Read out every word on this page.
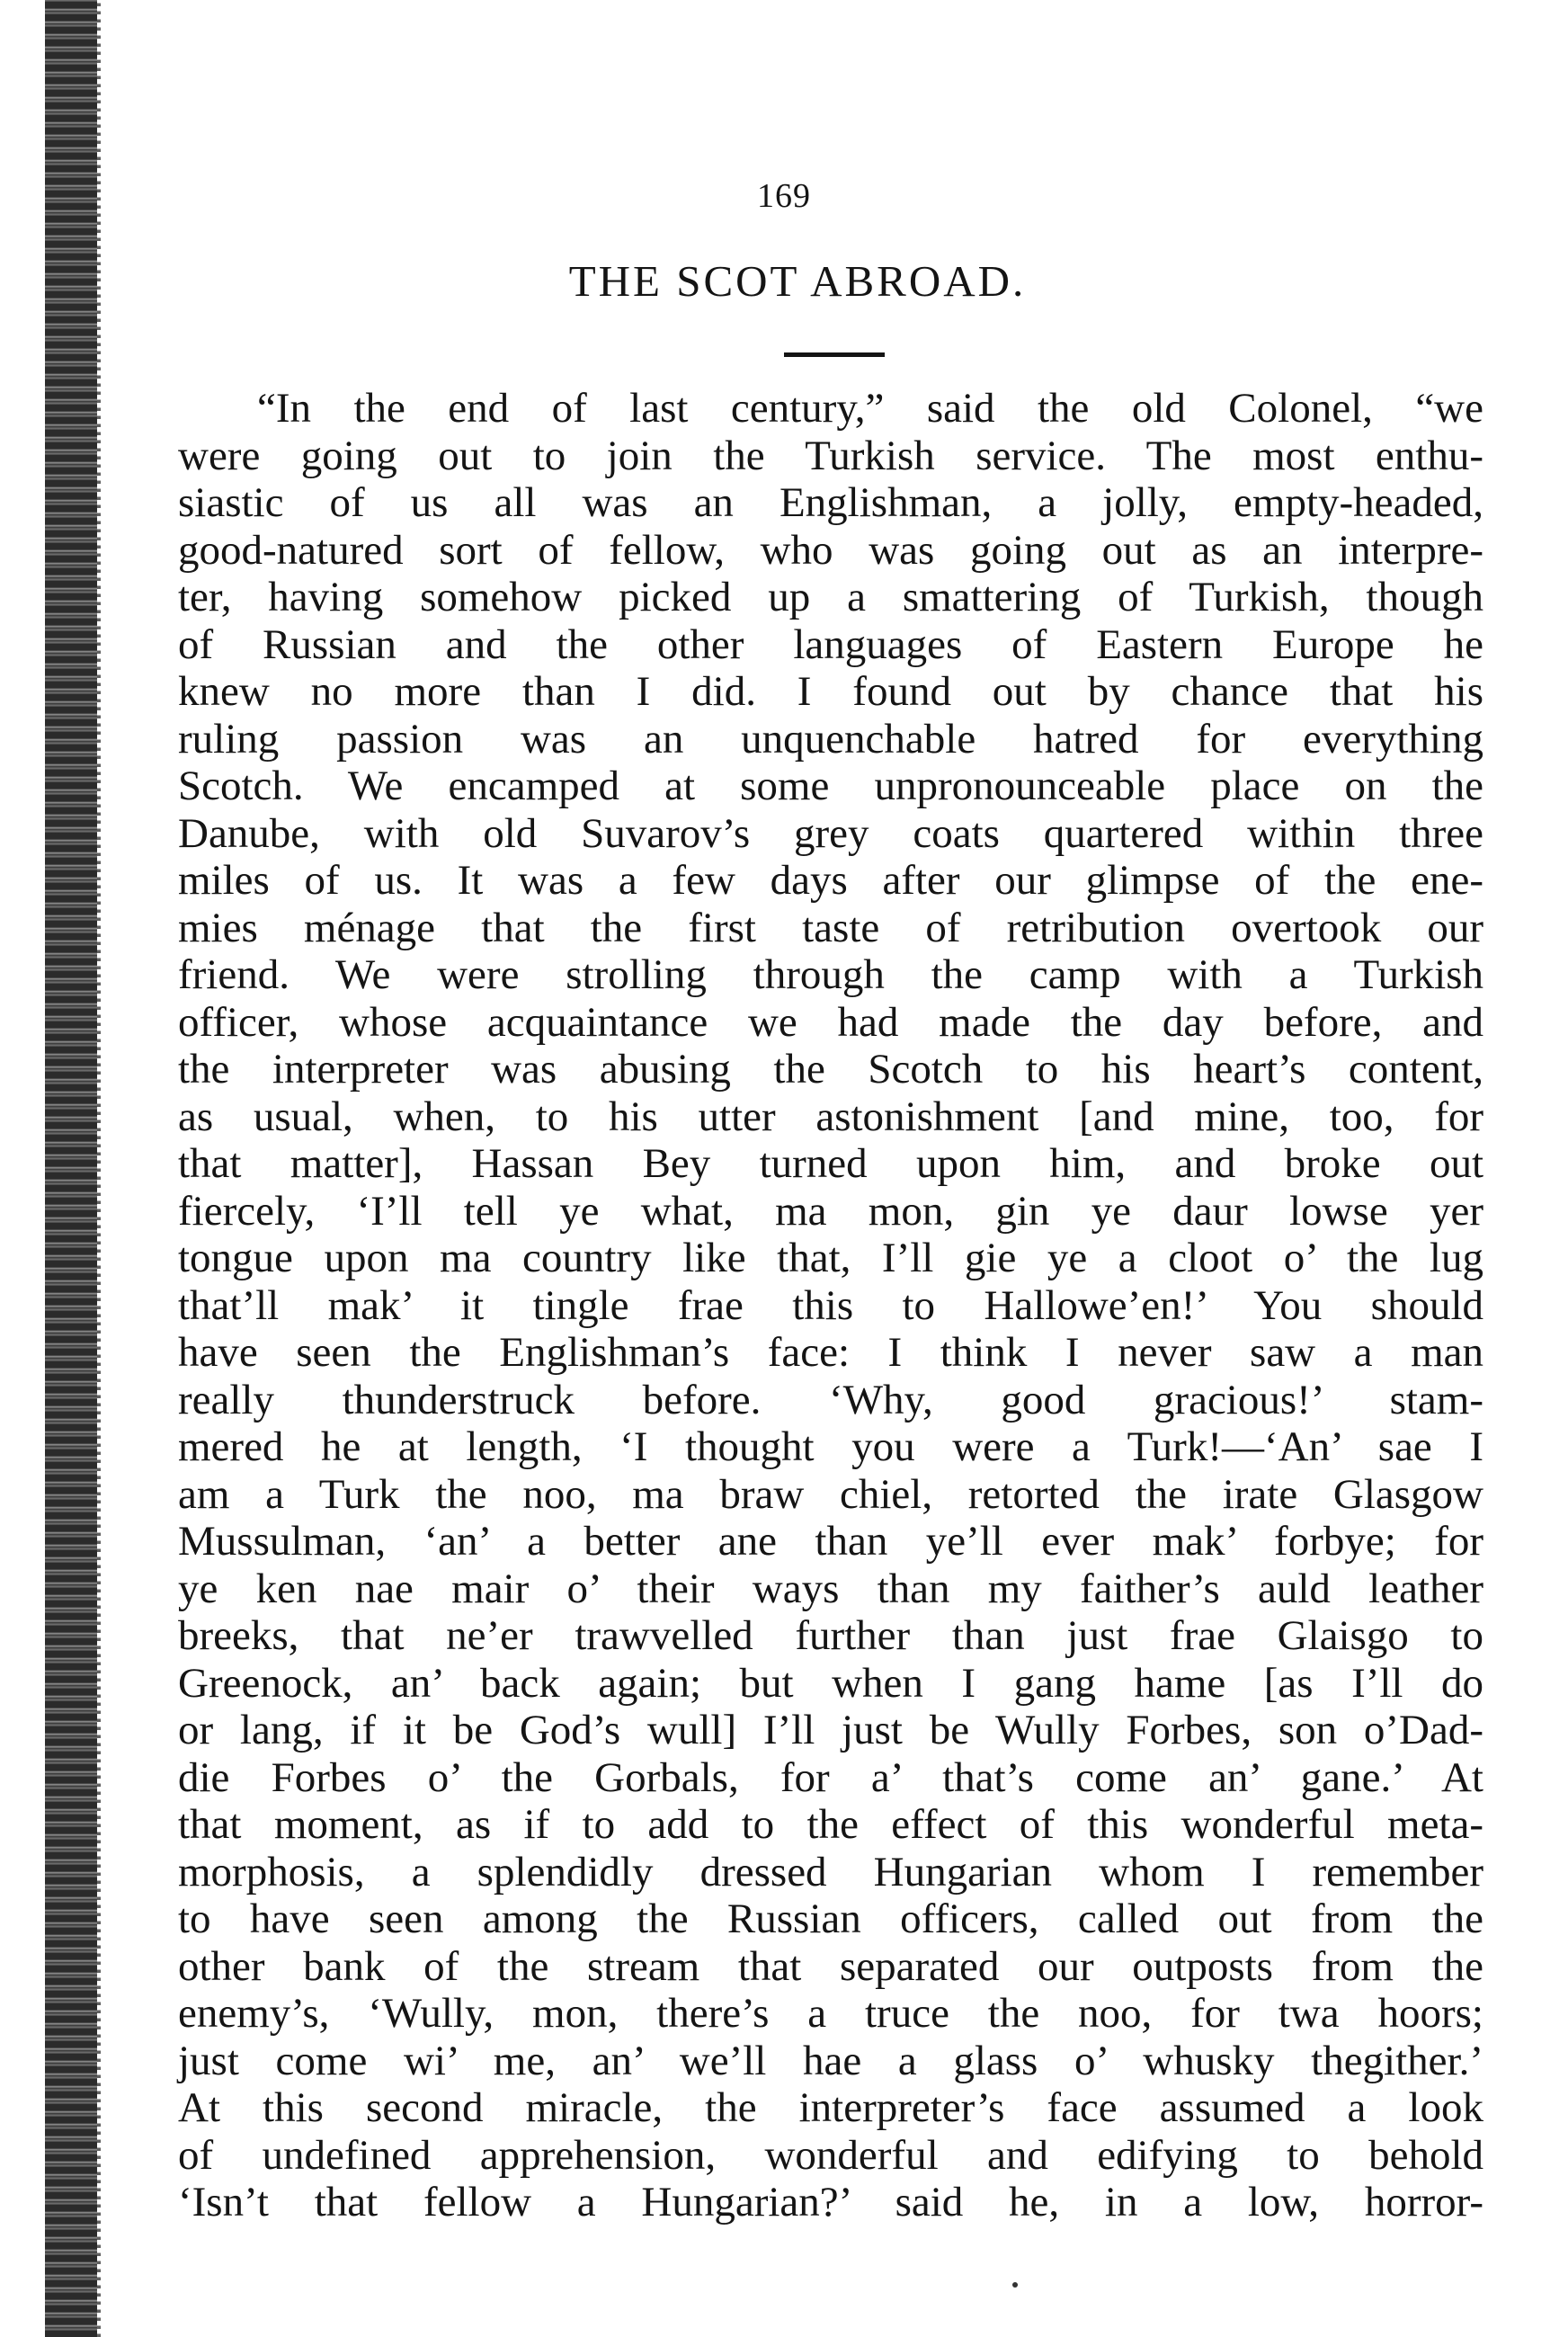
169
THE SCOT ABROAD.
“In the end of last century,” said the old Colonel, “we
were going out to join the Turkish service. The most enthu-
siastic of us all was an Englishman, a jolly, empty-headed,
good-natured sort of fellow, who was going out as an interpre-
ter, having somehow picked up a smattering of Turkish, though
of Russian and the other languages of Eastern Europe he
knew no more than I did. I found out by chance that his
ruling passion was an unquenchable hatred for everything
Scotch. We encamped at some unpronounceable place on the
Danube, with old Suvarov’s grey coats quartered within three
miles of us. It was a few days after our glimpse of the ene-
mies ménage that the first taste of retribution overtook our
friend. We were strolling through the camp with a Turkish
officer, whose acquaintance we had made the day before, and
the interpreter was abusing the Scotch to his heart’s content,
as usual, when, to his utter astonishment [and mine, too, for
that matter], Hassan Bey turned upon him, and broke out
fiercely, ‘I’ll tell ye what, ma mon, gin ye daur lowse yer
tongue upon ma country like that, I’ll gie ye a cloot o’ the lug
that’ll mak’ it tingle frae this to Hallowe’en!’ You should
have seen the Englishman’s face: I think I never saw a man
really thunderstruck before. ‘Why, good gracious!’ stam-
mered he at length, ‘I thought you were a Turk!—‘An’ sae I
am a Turk the noo, ma braw chiel, retorted the irate Glasgow
Mussulman, ‘an’ a better ane than ye’ll ever mak’ forbye; for
ye ken nae mair o’ their ways than my faither’s auld leather
breeks, that ne’er trawvelled further than just frae Glaisgo to
Greenock, an’ back again; but when I gang hame [as I’ll do
or lang, if it be God’s wull] I’ll just be Wully Forbes, son o’Dad-
die Forbes o’ the Gorbals, for a’ that’s come an’ gane.’ At
that moment, as if to add to the effect of this wonderful meta-
morphosis, a splendidly dressed Hungarian whom I remember
to have seen among the Russian officers, called out from the
other bank of the stream that separated our outposts from the
enemy’s, ‘Wully, mon, there’s a truce the noo, for twa hoors;
just come wi’ me, an’ we’ll hae a glass o’ whusky thegither.’
At this second miracle, the interpreter’s face assumed a look
of undefined apprehension, wonderful and edifying to behold
‘Isn’t that fellow a Hungarian?’ said he, in a low, horror-
